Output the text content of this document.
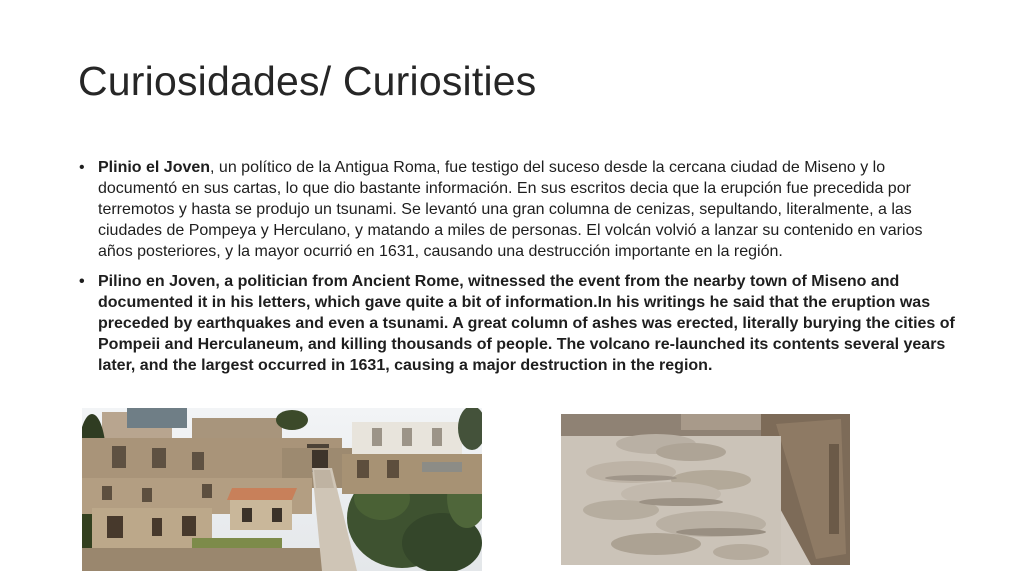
Curiosidades/ Curiosities
• Plinio el Joven, un político de la Antigua Roma, fue testigo del suceso desde la cercana ciudad de Miseno y lo documentó en sus cartas, lo que dio bastante información. En sus escritos decia que la erupción fue precedida por terremotos y hasta se produjo un tsunami. Se levantó una gran columna de cenizas, sepultando, literalmente, a las ciudades de Pompeya y Herculano, y matando a miles de personas. El volcán volvió a lanzar su contenido en varios años posteriores, y la mayor ocurrió en 1631, causando una destrucción importante en la región.
• Pilino en Joven, a politician from Ancient Rome, witnessed the event from the nearby town of Miseno and documented it in his letters, which gave quite a bit of information.In his writings he said that the eruption was preceded by earthquakes and even a tsunami. A great column of ashes was erected, literally burying the cities of Pompeii and Herculaneum, and killing thousands of people. The volcano re-launched its contents several years later, and the largest occurred in 1631, causing a major destruction in the region.
